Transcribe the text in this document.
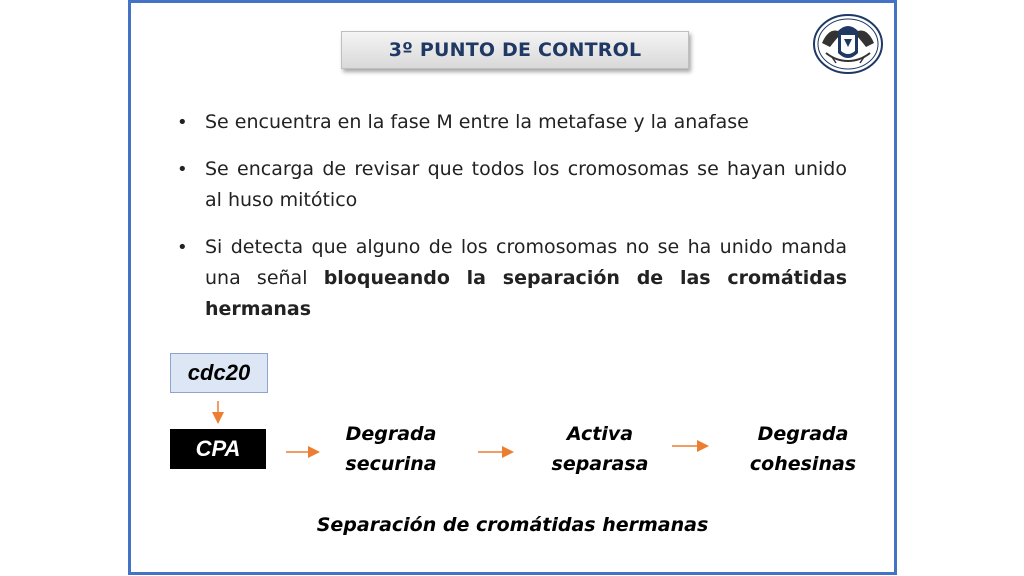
3º PUNTO DE CONTROL
• Se encuentra en la fase M entre la metafase y la anafase
• Se encarga de revisar que todos los cromosomas se hayan unido al huso mitótico
• Si detecta que alguno de los cromosomas no se ha unido manda una señal bloqueando la separación de las cromátidas hermanas
cdc20
CPA
Degrada
securina
Activa
separasa
Degrada
cohesinas
Separación de cromátidas hermanas
